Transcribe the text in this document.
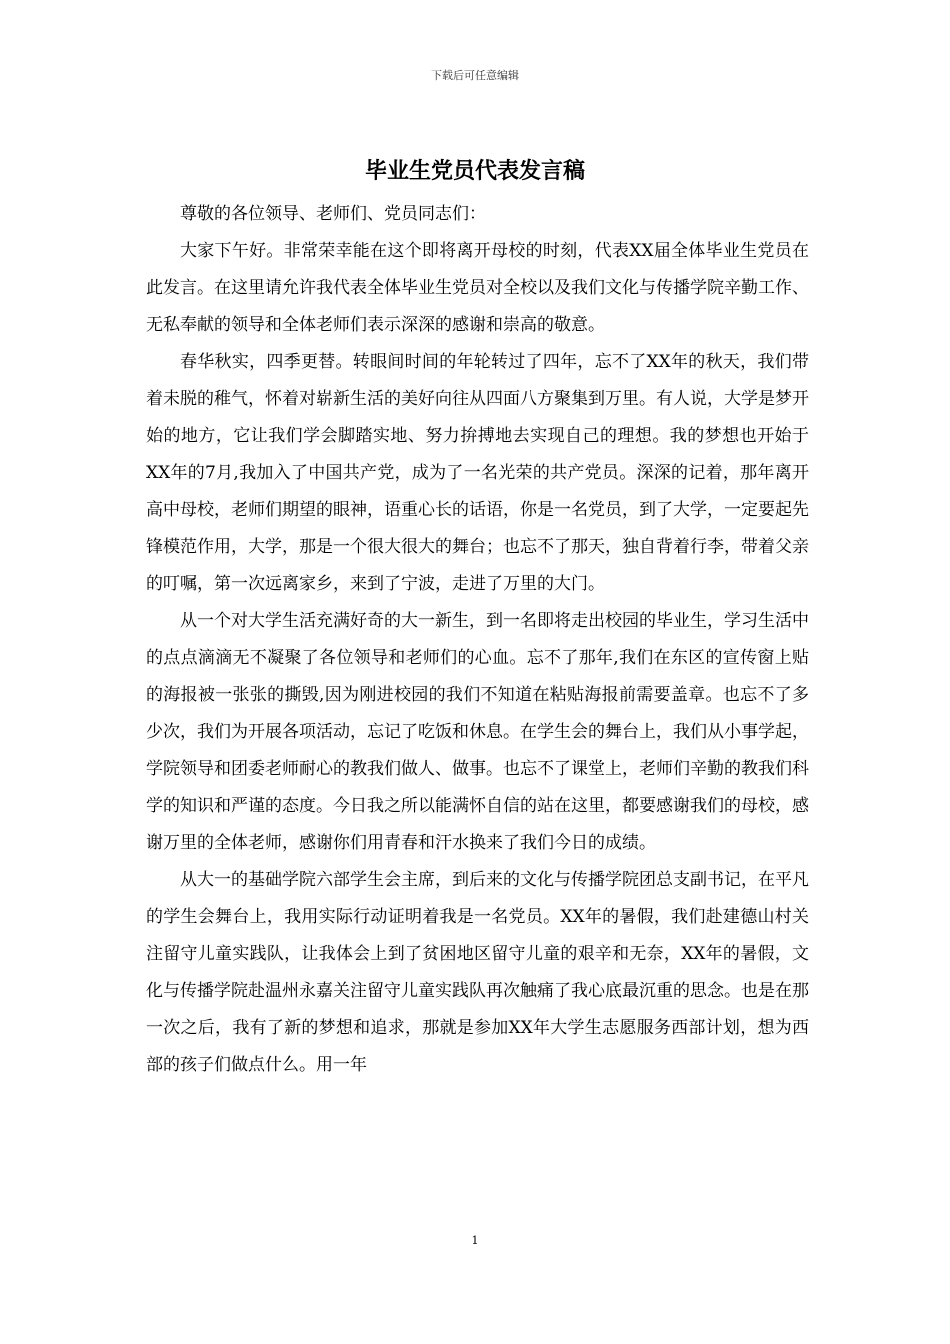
下载后可任意编辑
毕业生党员代表发言稿

尊敬的各位领导、老师们、党员同志们：

大家下午好。非常荣幸能在这个即将离开母校的时刻，代表XX届全体毕业生党员在此发言。在这里请允许我代表全体毕业生党员对全校以及我们文化与传播学院辛勤工作、无私奉献的领导和全体老师们表示深深的感谢和崇高的敬意。

春华秋实，四季更替。转眼间时间的年轮转过了四年，忘不了XX年的秋天，我们带着未脱的稚气，怀着对崭新生活的美好向往从四面八方聚集到万里。有人说，大学是梦开始的地方，它让我们学会脚踏实地、努力拚搏地去实现自己的理想。我的梦想也开始于XX年的7月,我加入了中国共产党，成为了一名光荣的共产党员。深深的记着，那年离开高中母校，老师们期望的眼神，语重心长的话语，你是一名党员，到了大学，一定要起先锋模范作用，大学，那是一个很大很大的舞台；也忘不了那天，独自背着行李，带着父亲的叮嘱，第一次远离家乡，来到了宁波，走进了万里的大门。

从一个对大学生活充满好奇的大一新生，到一名即将走出校园的毕业生，学习生活中的点点滴滴无不凝聚了各位领导和老师们的心血。忘不了那年,我们在东区的宣传窗上贴的海报被一张张的撕毁,因为刚进校园的我们不知道在粘贴海报前需要盖章。也忘不了多少次，我们为开展各项活动，忘记了吃饭和休息。在学生会的舞台上，我们从小事学起，学院领导和团委老师耐心的教我们做人、做事。也忘不了课堂上，老师们辛勤的教我们科学的知识和严谨的态度。今日我之所以能满怀自信的站在这里，都要感谢我们的母校，感谢万里的全体老师，感谢你们用青春和汗水换来了我们今日的成绩。

从大一的基础学院六部学生会主席，到后来的文化与传播学院团总支副书记，在平凡的学生会舞台上，我用实际行动证明着我是一名党员。XX年的暑假，我们赴建德山村关注留守儿童实践队，让我体会上到了贫困地区留守儿童的艰辛和无奈，XX年的暑假，文化与传播学院赴温州永嘉关注留守儿童实践队再次触痛了我心底最沉重的思念。也是在那一次之后，我有了新的梦想和追求，那就是参加XX年大学生志愿服务西部计划，想为西部的孩子们做点什么。用一年

1
